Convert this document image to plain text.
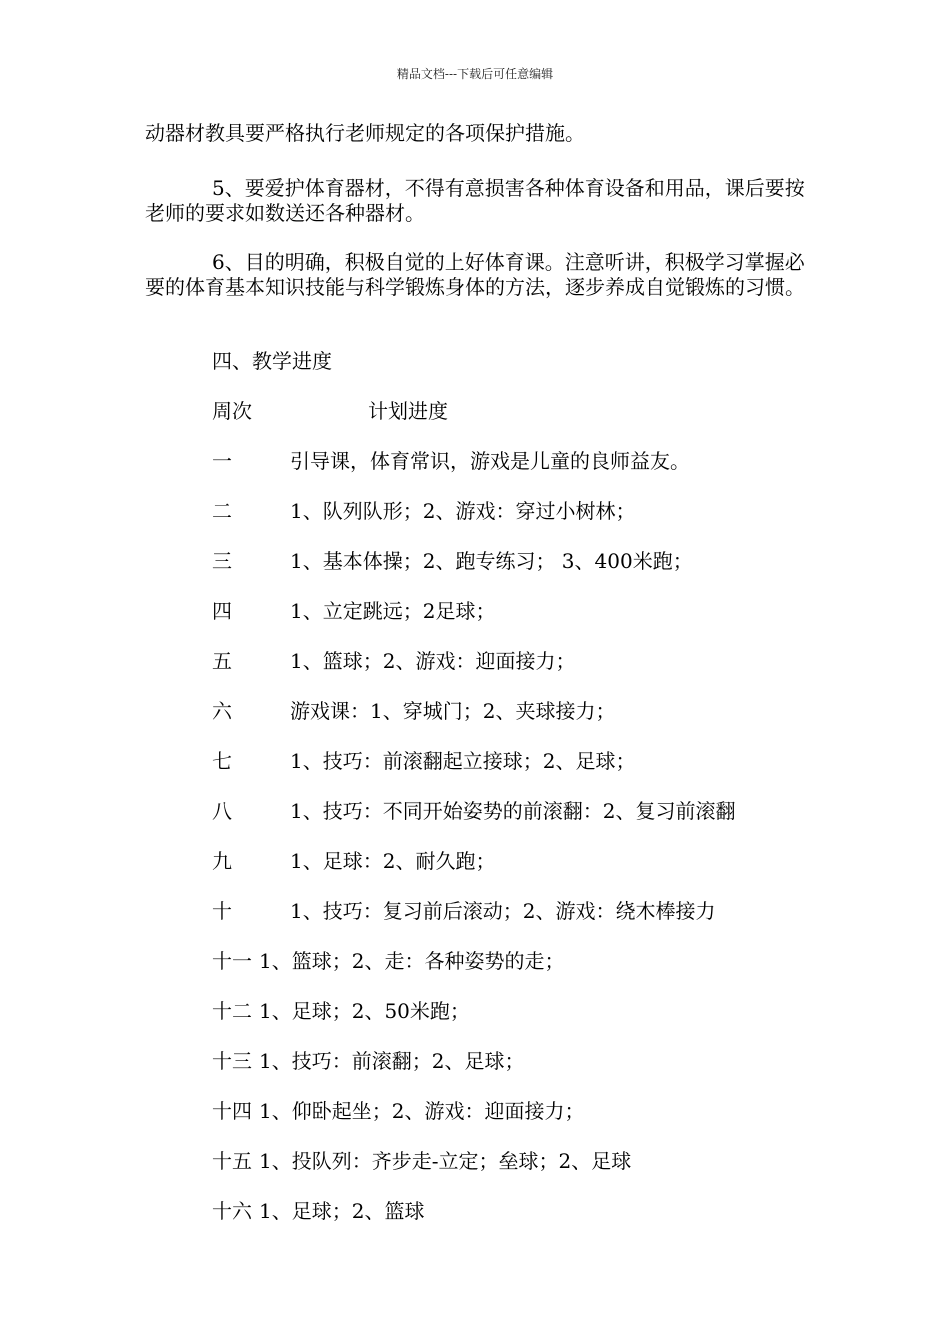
精品文档---下载后可任意编辑

动器材教具要严格执行老师规定的各项保护措施。

5、要爱护体育器材，不得有意损害各种体育设备和用品，课后要按老师的要求如数送还各种器材。

6、目的明确，积极自觉的上好体育课。注意听讲，积极学习掌握必要的体育基本知识技能与科学锻炼身体的方法，逐步养成自觉锻炼的习惯。

四、教学进度
周次	计划进度
一	引导课，体育常识，游戏是儿童的良师益友。
二	1、队列队形；2、游戏：穿过小树林；
三	1、基本体操；2、跑专练习； 3、400米跑；
四	1、立定跳远；2足球；
五	1、篮球；2、游戏：迎面接力；
六	游戏课：1、穿城门；2、夹球接力；
七	1、技巧：前滚翻起立接球；2、足球；
八	1、技巧：不同开始姿势的前滚翻：2、复习前滚翻
九	1、足球：2、耐久跑；
十	1、技巧：复习前后滚动；2、游戏：绕木棒接力
十一 1、篮球；2、走：各种姿势的走；
十二 1、足球；2、50米跑；
十三 1、技巧：前滚翻；2、足球；
十四 1、仰卧起坐；2、游戏：迎面接力；
十五 1、投队列：齐步走-立定；垒球；2、足球
十六 1、足球；2、篮球
